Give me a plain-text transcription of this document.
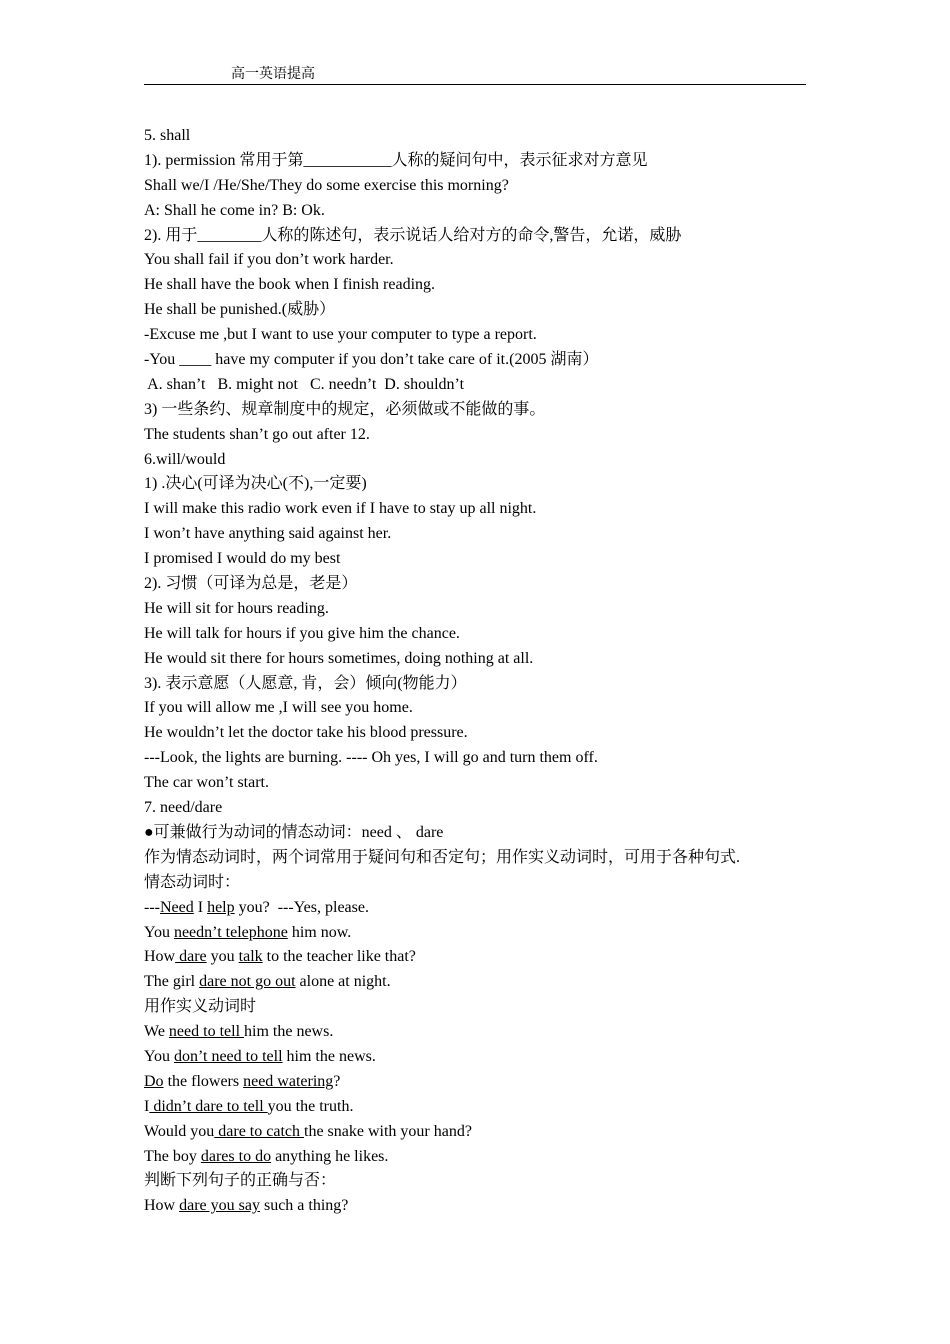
高一英语提高
5. shall
1). permission 常用于第___________人称的疑问句中，表示征求对方意见
Shall we/I /He/She/They do some exercise this morning?
A: Shall he come in? B: Ok.
2). 用于________人称的陈述句，表示说话人给对方的命令,警告，允诺，威胁
You shall fail if you don’t work harder.
He shall have the book when I finish reading.
He shall be punished.(威胁）
-Excuse me ,but I want to use your computer to type a report.
-You ____ have my computer if you don’t take care of it.(2005 湖南）
A. shan’t   B. might not   C. needn’t  D. shouldn’t
3) 一些条约、规章制度中的规定，必须做或不能做的事。
The students shan’t go out after 12.
6.will/would
1) .决心(可译为决心(不),一定要)
I will make this radio work even if I have to stay up all night.
I won’t have anything said against her.
I promised I would do my best
2). 习惯（可译为总是，老是）
He will sit for hours reading.
He will talk for hours if you give him the chance.
He would sit there for hours sometimes, doing nothing at all.
3). 表示意愿（人愿意, 肯，会）倾向(物能力）
If you will allow me ,I will see you home.
He wouldn’t let the doctor take his blood pressure.
---Look, the lights are burning. ---- Oh yes, I will go and turn them off.
The car won’t start.
7. need/dare
●可兼做行为动词的情态动词：need 、 dare
作为情态动词时，两个词常用于疑问句和否定句；用作实义动词时，可用于各种句式.
情态动词时：
---Need I help you?  ---Yes, please.
You needn’t telephone him now.
How dare you talk to the teacher like that?
The girl dare not go out alone at night.
用作实义动词时
We need to tell him the news.
You don’t need to tell him the news.
Do the flowers need watering?
I didn’t dare to tell you the truth.
Would you dare to catch the snake with your hand?
The boy dares to do anything he likes.
判断下列句子的正确与否：
How dare you say such a thing?
